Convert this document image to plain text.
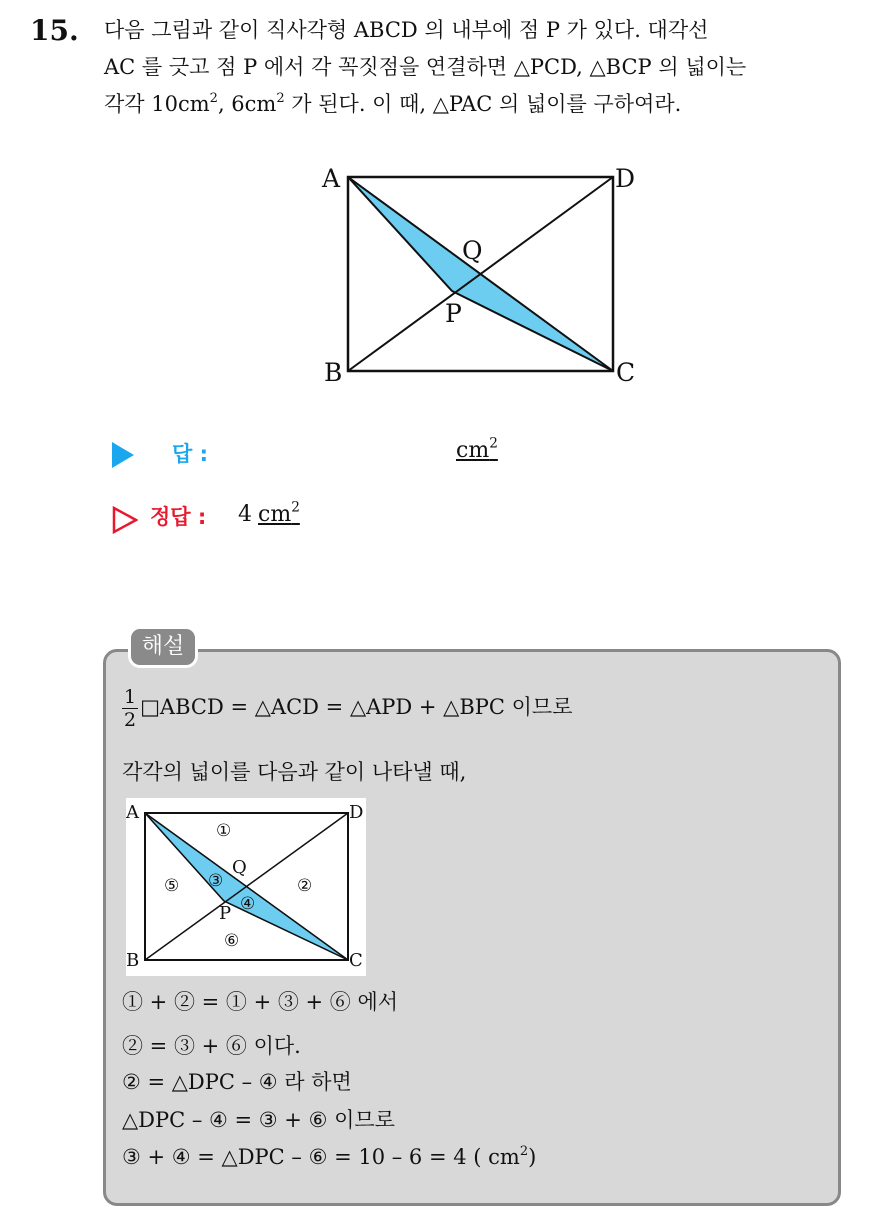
15. 다음 그림과 같이 직사각형 ABCD 의 내부에 점 P 가 있다. 대각선
AC 를 긋고 점 P 에서 각 꼭짓점을 연결하면 △PCD, △BCP 의 넓이는
각각 $10cm^2$, $6cm^2$ 가 된다. 이 때, △PAC 의 넓이를 구하여라.
A	D
B	C
Q
P
답 :	$cm^2$
정답 : 4 $cm^2$
해설
$\frac{1}{2}$ □ABCD = △ACD = △APD + △BPC 이므로
각각의 넓이를 다음과 같이 나타낼 때,
A	D
B	C
Q
P
①
②
③
④
⑤
⑥
① + ② = ① + ③ + ⑥ 에서
② = ③ + ⑥ 이다.
② = △DPC – ④ 라 하면
△DPC – ④ = ③ + ⑥ 이므로
③ + ④ = △DPC – ⑥ = 10 – 6 = 4 ( $cm^2$)
